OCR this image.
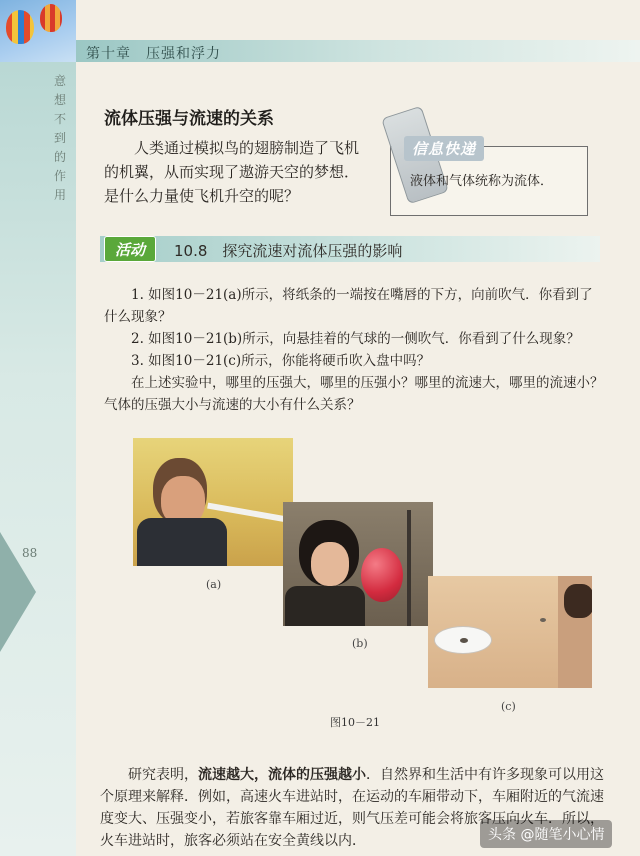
第十章　压强和浮力
意
想
不
到
的
作
用
88
流体压强与流速的关系
人类通过模拟鸟的翅膀制造了飞机的机翼，从而实现了遨游天空的梦想．是什么力量使飞机升空的呢？
信息快递
液体和气体统称为流体．
活动	10.8　探究流速对流体压强的影响

1. 如图10－21(a)所示，将纸条的一端按在嘴唇的下方，向前吹气．你看到了什么现象？

2. 如图10－21(b)所示，向悬挂着的气球的一侧吹气．你看到了什么现象？

3. 如图10－21(c)所示，你能将硬币吹入盘中吗？

在上述实验中，哪里的压强大，哪里的压强小？哪里的流速大，哪里的流速小？气体的压强大小与流速的大小有什么关系？

(a)
(b)
(c)
图10－21
研究表明，流速越大，流体的压强越小．自然界和生活中有许多现象可以用这个原理来解释．例如，高速火车进站时，在运动的车厢带动下，车厢附近的气流速度变大、压强变小，若旅客靠车厢过近，则气压差可能会将旅客压向火车．所以，火车进站时，旅客必须站在安全黄线以内．	头条 @随笔小心情
